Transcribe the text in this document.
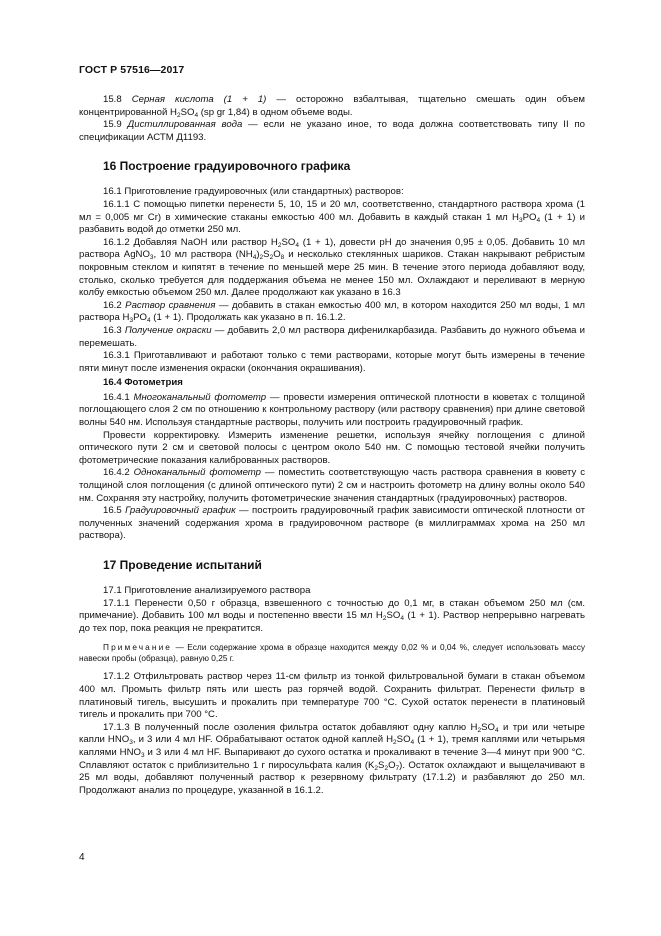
ГОСТ Р 57516—2017

15.8 Серная кислота (1 + 1) — осторожно взбалтывая, тщательно смешать один объем концентрированной $H_2SO_4$ (sp gr 1,84) в одном объеме воды.

15.9 Дистиллированная вода — если не указано иное, то вода должна соответствовать типу II по спецификации АСТМ Д1193.

16 Построение градуировочного графика

16.1 Приготовление градуировочных (или стандартных) растворов:

16.1.1 С помощью пипетки перенести 5, 10, 15 и 20 мл, соответственно, стандартного раствора хрома (1 мл = 0,005 мг Cr) в химические стаканы емкостью 400 мл. Добавить в каждый стакан 1 мл $H_3PO_4$ (1 + 1) и разбавить водой до отметки 250 мл.

16.1.2 Добавляя NaOH или раствор $H_2SO_4$ (1 + 1), довести pH до значения 0,95 ± 0,05. Добавить 10 мл раствора AgNO$_3$, 10 мл раствора $(NH_4)_2S_2O_8$ и несколько стеклянных шариков. Стакан накрывают ребристым покровным стеклом и кипятят в течение по меньшей мере 25 мин. В течение этого периода добавляют воду, столько, сколько требуется для поддержания объема не менее 150 мл. Охлаждают и переливают в мерную колбу емкостью объемом 250 мл. Далее продолжают как указано в 16.3

16.2 Раствор сравнения — добавить в стакан емкостью 400 мл, в котором находится 250 мл воды, 1 мл раствора $H_3PO_4$ (1 + 1). Продолжать как указано в п. 16.1.2.

16.3 Получение окраски — добавить 2,0 мл раствора дифенилкарбазида. Разбавить до нужного объема и перемешать.

16.3.1 Приготавливают и работают только с теми растворами, которые могут быть измерены в течение пяти минут после изменения окраски (окончания окрашивания).

16.4 Фотометрия

16.4.1 Многоканальный фотометр — провести измерения оптической плотности в кюветах с толщиной поглощающего слоя 2 см по отношению к контрольному раствору (или раствору сравнения) при длине световой волны 540 нм. Используя стандартные растворы, получить или построить градуировочный график.

Провести корректировку. Измерить изменение решетки, используя ячейку поглощения с длиной оптического пути 2 см и световой полосы с центром около 540 нм. С помощью тестовой ячейки получить фотометрические показания калиброванных растворов.

16.4.2 Одноканальный фотометр — поместить соответствующую часть раствора сравнения в кювету с толщиной слоя поглощения (с длиной оптического пути) 2 см и настроить фотометр на длину волны около 540 нм. Сохраняя эту настройку, получить фотометрические значения стандартных (градуировочных) растворов.

16.5 Градуировочный график — построить градуировочный график зависимости оптической плотности от полученных значений содержания хрома в градуировочном растворе (в миллиграммах хрома на 250 мл раствора).

17 Проведение испытаний

17.1 Приготовление анализируемого раствора

17.1.1 Перенести 0,50 г образца, взвешенного с точностью до 0,1 мг, в стакан объемом 250 мл (см. примечание). Добавить 100 мл воды и постепенно ввести 15 мл $H_2SO_4$ (1 + 1). Раствор непрерывно нагревать до тех пор, пока реакция не прекратится.

Примечание — Если содержание хрома в образце находится между 0,02 % и 0,04 %, следует использовать массу навески пробы (образца), равную 0,25 г.

17.1.2 Отфильтровать раствор через 11-см фильтр из тонкой фильтровальной бумаги в стакан объемом 400 мл. Промыть фильтр пять или шесть раз горячей водой. Сохранить фильтрат. Перенести фильтр в платиновый тигель, высушить и прокалить при температуре 700 °С. Сухой остаток перенести в платиновый тигель и прокалить при 700 °С.

17.1.3 В полученный после озоления фильтра остаток добавляют одну каплю $H_2SO_4$ и три или четыре капли $HNO_3$, и 3 или 4 мл HF. Обрабатывают остаток одной каплей $H_2SO_4$ (1 + 1), тремя каплями или четырьмя каплями $HNO_3$ и 3 или 4 мл HF. Выпаривают до сухого остатка и прокаливают в течение 3—4 минут при 900 °С. Сплавляют остаток с приблизительно 1 г пиросульфата калия $(K_2S_2O_7)$. Остаток охлаждают и выщелачивают в 25 мл воды, добавляют полученный раствор к резервному фильтрату (17.1.2) и разбавляют до 250 мл. Продолжают анализ по процедуре, указанной в 16.1.2.

4
